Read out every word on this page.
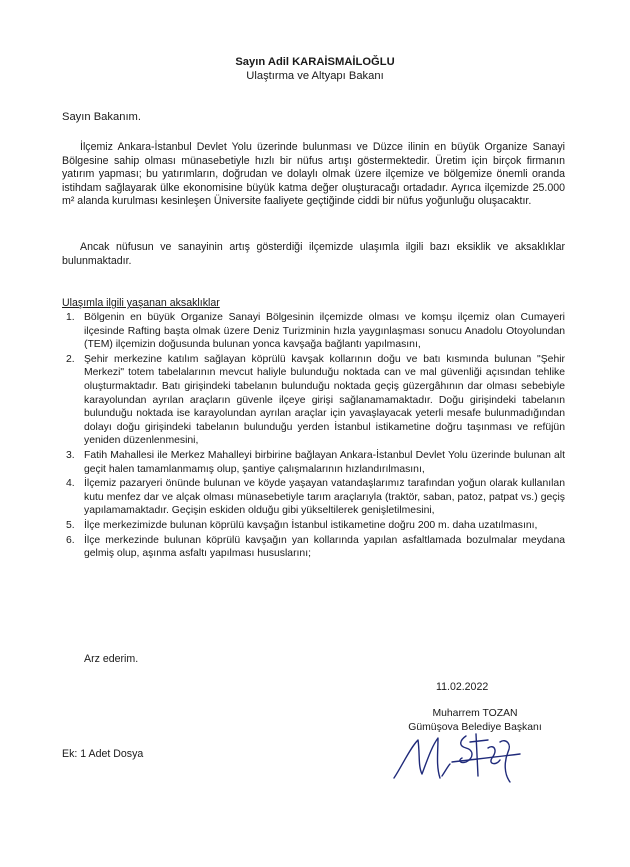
Sayın Adil KARAİSMAİLOĞLU
Ulaştırma ve Altyapı Bakanı
Sayın Bakanım.

İlçemiz Ankara-İstanbul Devlet Yolu üzerinde bulunması ve Düzce ilinin en büyük Organize Sanayi Bölgesine sahip olması münasebetiyle hızlı bir nüfus artışı göstermektedir. Üretim için birçok firmanın yatırım yapması; bu yatırımların, doğrudan ve dolaylı olmak üzere ilçemize ve bölgemize önemli oranda istihdam sağlayarak ülke ekonomisine büyük katma değer oluşturacağı ortadadır. Ayrıca ilçemizde 25.000 m² alanda kurulması kesinleşen Üniversite faaliyete geçtiğinde ciddi bir nüfus yoğunluğu oluşacaktır.

Ancak nüfusun ve sanayinin artış gösterdiği ilçemizde ulaşımla ilgili bazı eksiklik ve aksaklıklar bulunmaktadır.

Ulaşımla ilgili yaşanan aksaklıklar
1. Bölgenin en büyük Organize Sanayi Bölgesinin ilçemizde olması ve komşu ilçemiz olan Cumayeri ilçesinde Rafting başta olmak üzere Deniz Turizminin hızla yaygınlaşması sonucu Anadolu Otoyolundan (TEM) ilçemizin doğusunda bulunan yonca kavşağa bağlantı yapılmasını,
2. Şehir merkezine katılım sağlayan köprülü kavşak kollarının doğu ve batı kısmında bulunan "Şehir Merkezi" totem tabelalarının mevcut haliyle bulunduğu noktada can ve mal güvenliği açısından tehlike oluşturmaktadır. Batı girişindeki tabelanın bulunduğu noktada geçiş güzergâhının dar olması sebebiyle karayolundan ayrılan araçların güvenle ilçeye girişi sağlanamamaktadır. Doğu girişindeki tabelanın bulunduğu noktada ise karayolundan ayrılan araçlar için yavaşlayacak yeterli mesafe bulunmadığından dolayı doğu girişindeki tabelanın bulunduğu yerden İstanbul istikametine doğru taşınması ve refüjün yeniden düzenlenmesini,
3. Fatih Mahallesi ile Merkez Mahalleyi birbirine bağlayan Ankara-İstanbul Devlet Yolu üzerinde bulunan alt geçit halen tamamlanmamış olup, şantiye çalışmalarının hızlandırılmasını,
4. İlçemiz pazaryeri önünde bulunan ve köyde yaşayan vatandaşlarımız tarafından yoğun olarak kullanılan kutu menfez dar ve alçak olması münasebetiyle tarım araçlarıyla (traktör, saban, patoz, patpat vs.) geçiş yapılamamaktadır. Geçişin eskiden olduğu gibi yükseltilerek genişletilmesini,
5. İlçe merkezimizde bulunan köprülü kavşağın İstanbul istikametine doğru 200 m. daha uzatılmasını,
6. İlçe merkezinde bulunan köprülü kavşağın yan kollarında yapılan asfaltlamada bozulmalar meydana gelmiş olup, aşınma asfaltı yapılması hususlarını;
Arz ederim.
11.02.2022
Muharrem TOZAN
Gümüşova Belediye Başkanı
Ek: 1 Adet Dosya
